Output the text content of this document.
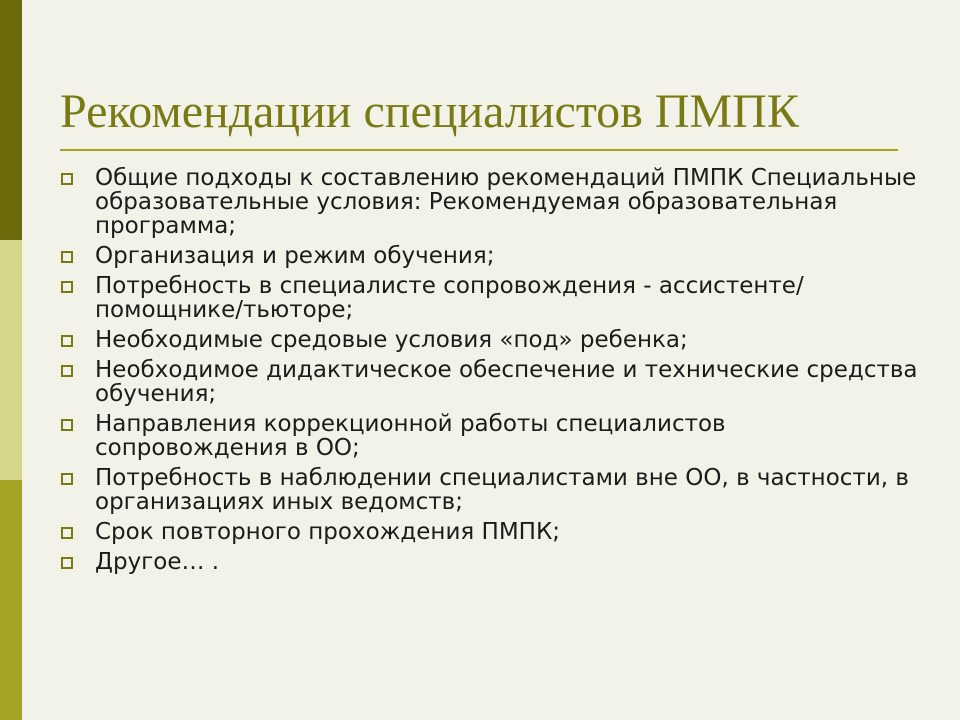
Рекомендации специалистов ПМПК
Общие подходы к составлению рекомендаций ПМПК Специальные образовательные условия: Рекомендуемая образовательная программа;
Организация и режим обучения;
Потребность в специалисте сопровождения - ассистенте/помощнике/тьюторе;
Необходимые средовые условия «под» ребенка;
Необходимое дидактическое обеспечение и технические средства обучения;
Направления коррекционной работы специалистов сопровождения в ОО;
Потребность в наблюдении специалистами вне ОО, в частности, в организациях иных ведомств;
Срок повторного прохождения ПМПК;
Другое… .
